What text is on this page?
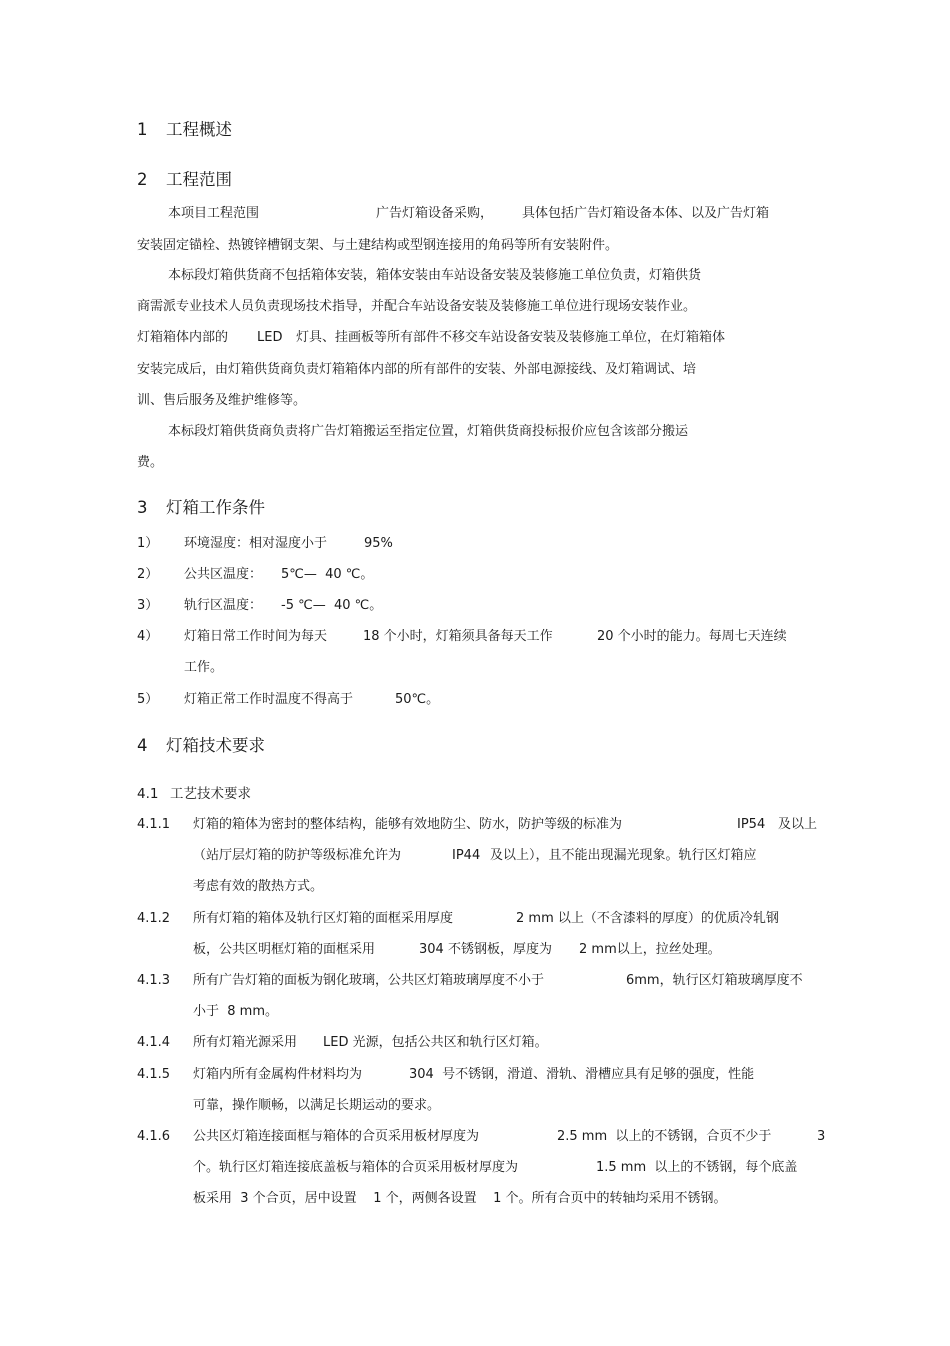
1 工程概述
2 工程范围
本项目工程范围	广告灯箱设备采购， 具体包括广告灯箱设备本体、以及广告灯箱
安装固定锚栓、热镀锌槽钢支架、与土建结构或型钢连接用的角码等所有安装附件。
本标段灯箱供货商不包括箱体安装，箱体安装由车站设备安装及装修施工单位负责，灯箱供货
商需派专业技术人员负责现场技术指导，并配合车站设备安装及装修施工单位进行现场安装作业。
灯箱箱体内部的 LED 灯具、挂画板等所有部件不移交车站设备安装及装修施工单位，在灯箱箱体
安装完成后，由灯箱供货商负责灯箱箱体内部的所有部件的安装、外部电源接线、及灯箱调试、培
训、售后服务及维护维修等。
本标段灯箱供货商负责将广告灯箱搬运至指定位置，灯箱供货商投标报价应包含该部分搬运
费。
3 灯箱工作条件
1） 环境湿度：相对湿度小于	95%
2） 公共区温度： 5℃—  40 ℃。
3） 轨行区温度： -5 ℃—  40 ℃。
4） 灯箱日常工作时间为每天	18 个小时，灯箱须具备每天工作	20 个小时的能力。每周七天连续
工作。
5） 灯箱正常工作时温度不得高于	50℃。
4 灯箱技术要求
4.1 工艺技术要求
4.1.1 灯箱的箱体为密封的整体结构，能够有效地防尘、防水，防护等级的标准为	IP54 及以上
（站厅层灯箱的防护等级标准允许为	IP44 及以上），且不能出现漏光现象。轨行区灯箱应
考虑有效的散热方式。
4.1.2 所有灯箱的箱体及轨行区灯箱的面框采用厚度	2 mm 以上（不含漆料的厚度）的优质冷轧钢
板，公共区明框灯箱的面框采用	304 不锈钢板，厚度为 2 mm以上，拉丝处理。
4.1.3 所有广告灯箱的面板为钢化玻璃，公共区灯箱玻璃厚度不小于	6mm，轨行区灯箱玻璃厚度不
小于  8 mm。
4.1.4 所有灯箱光源采用 LED 光源，包括公共区和轨行区灯箱。
4.1.5 灯箱内所有金属构件材料均为	304  号不锈钢，滑道、滑轨、滑槽应具有足够的强度，性能
可靠，操作顺畅，以满足长期运动的要求。
4.1.6 公共区灯箱连接面框与箱体的合页采用板材厚度为	2.5 mm  以上的不锈钢，合页不少于	3
个。轨行区灯箱连接底盖板与箱体的合页采用板材厚度为	1.5 mm  以上的不锈钢，每个底盖
板采用  3 个合页，居中设置    1 个，两侧各设置    1 个。所有合页中的转轴均采用不锈钢。
